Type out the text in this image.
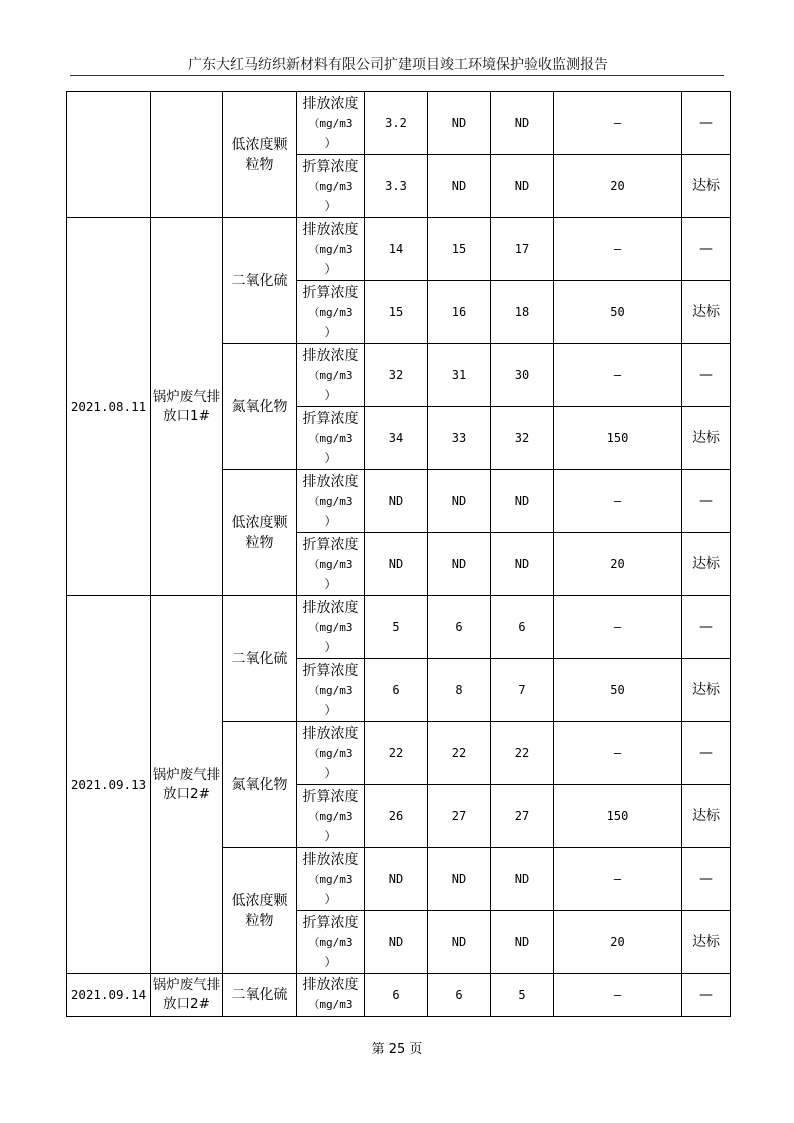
广东大红马纺织新材料有限公司扩建项目竣工环境保护验收监测报告
		低浓度颗粒物	排放浓度
（mg/m3
）	3.2	ND	ND	—	—

			折算浓度
（mg/m3
）	3.3	ND	ND	20	达标
2021.08.11	锅炉废气排放口1#	二氧化硫	排放浓度
（mg/m3
）	14	15	17	—	—

			折算浓度
（mg/m3
）	15	16	18	50	达标
		氮氧化物	排放浓度
（mg/m3
）	32	31	30	—	—

			折算浓度
（mg/m3
）	34	33	32	150	达标
		低浓度颗粒物	排放浓度
（mg/m3
）	ND	ND	ND	—	—

			折算浓度
（mg/m3
）	ND	ND	ND	20	达标
2021.09.13	锅炉废气排放口2#	二氧化硫	排放浓度
（mg/m3
）	5	6	6	—	—

			折算浓度
（mg/m3
）	6	8	7	50	达标
		氮氧化物	排放浓度
（mg/m3
）	22	22	22	—	—

			折算浓度
（mg/m3
）	26	27	27	150	达标
		低浓度颗粒物	排放浓度
（mg/m3
）	ND	ND	ND	—	—

			折算浓度
（mg/m3
）	ND	ND	ND	20	达标
2021.09.14	锅炉废气排放口2#	二氧化硫	排放浓度
（mg/m3	6	6	5	—	—
第 25 页
